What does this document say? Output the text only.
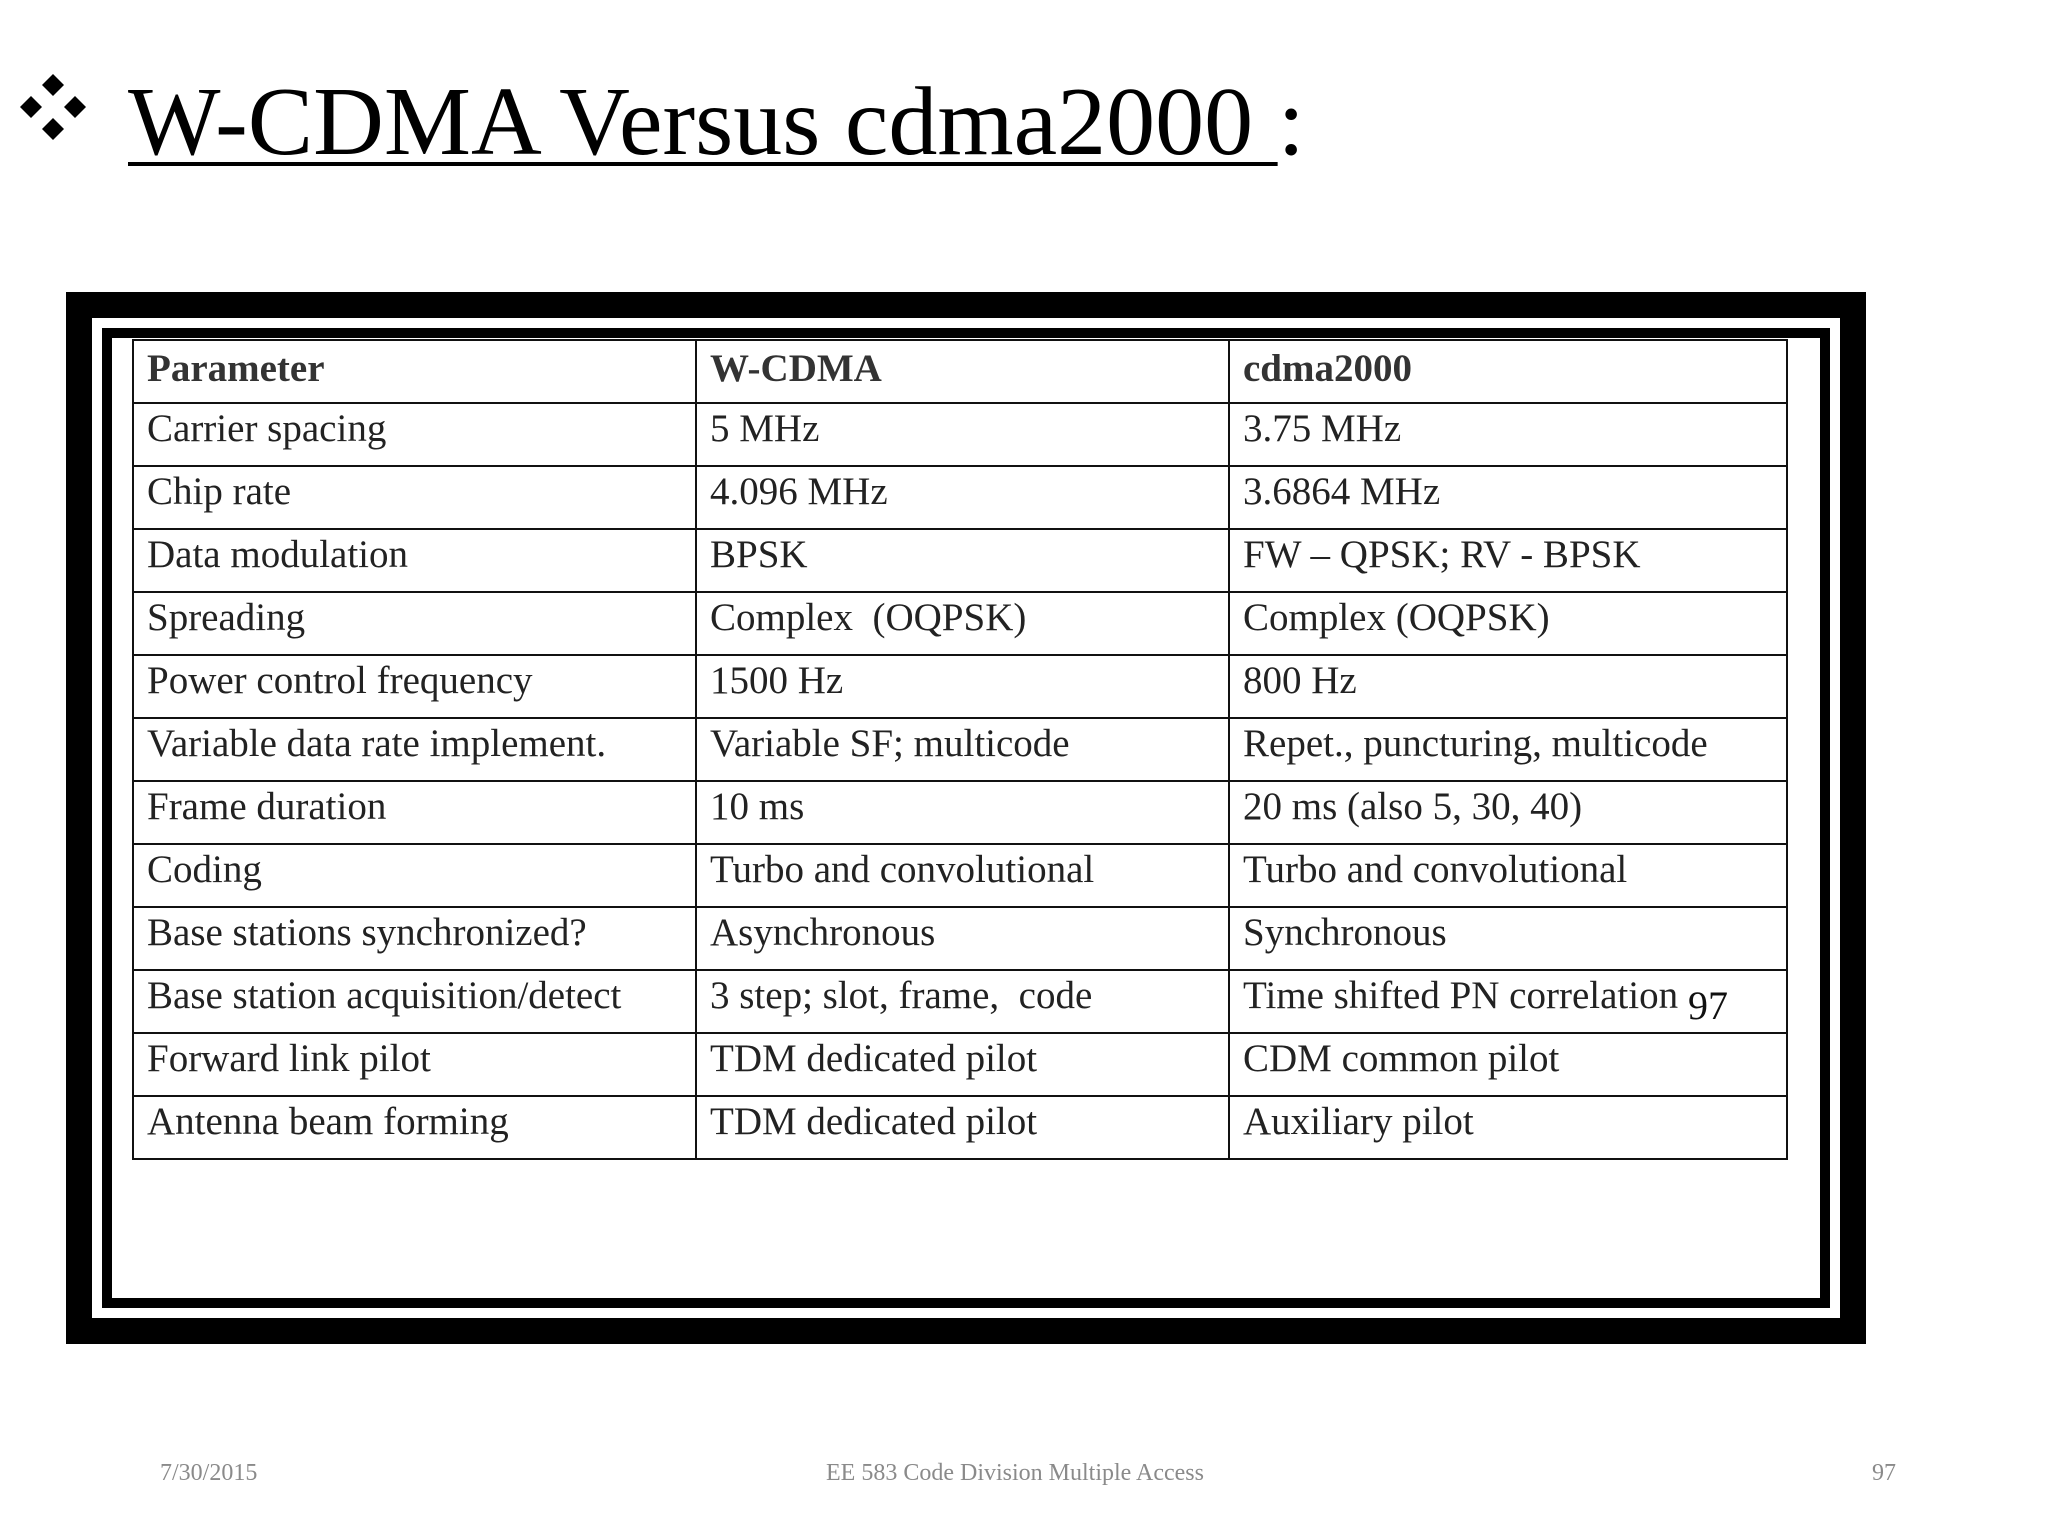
W-CDMA Versus cdma2000 :
Parameter	W-CDMA	cdma2000
Carrier spacing	5 MHz	3.75 MHz
Chip rate	4.096 MHz	3.6864 MHz
Data modulation	BPSK	FW – QPSK; RV - BPSK
Spreading	Complex  (OQPSK)	Complex (OQPSK)
Power control frequency	1500 Hz	800 Hz
Variable data rate implement.	Variable SF; multicode	Repet., puncturing, multicode
Frame duration	10 ms	20 ms (also 5, 30, 40)
Coding	Turbo and convolutional	Turbo and convolutional
Base stations synchronized?	Asynchronous	Synchronous
Base station acquisition/detect	3 step; slot, frame,  code	Time shifted PN correlation
Forward link pilot	TDM dedicated pilot	CDM common pilot
Antenna beam forming	TDM dedicated pilot	Auxiliary pilot
97
7/30/2015	EE 583 Code Division Multiple Access	97
